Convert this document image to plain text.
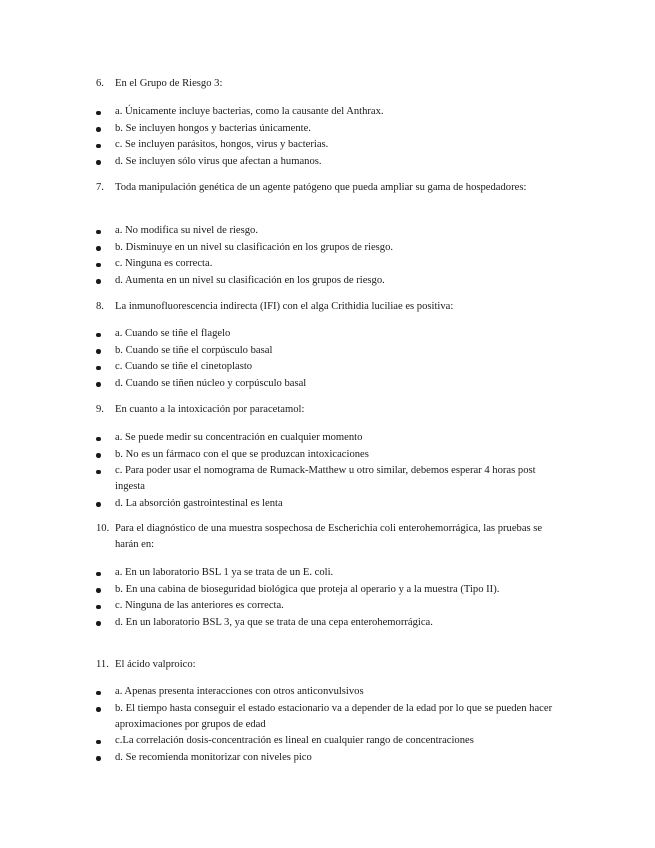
6. En el Grupo de Riesgo 3:
a. Únicamente incluye bacterias, como la causante del Anthrax.
b. Se incluyen hongos y bacterias únicamente.
c. Se incluyen parásitos, hongos, virus y bacterias.
d. Se incluyen sólo virus que afectan a humanos.
7. Toda manipulación genética de un agente patógeno que pueda ampliar su gama de hospedadores:
a. No modifica su nivel de riesgo.
b. Disminuye en un nivel su clasificación en los grupos de riesgo.
c. Ninguna es correcta.
d. Aumenta en un nivel su clasificación en los grupos de riesgo.
8. La inmunofluorescencia indirecta (IFI) con el alga Crithidia luciliae es positiva:
a. Cuando se tiñe el flagelo
b. Cuando se tiñe el corpúsculo basal
c. Cuando se tiñe el cinetoplasto
d. Cuando se tiñen núcleo y corpúsculo basal
9. En cuanto a la intoxicación por paracetamol:
a. Se puede medir su concentración en cualquier momento
b. No es un fármaco con el que se produzcan intoxicaciones
c. Para poder usar el nomograma de Rumack-Matthew u otro similar, debemos esperar 4 horas post ingesta
d. La absorción gastrointestinal es lenta
10. Para el diagnóstico de una muestra sospechosa de Escherichia coli enterohemorrágica, las pruebas se harán en:
a. En un laboratorio BSL 1 ya se trata de un E. coli.
b. En una cabina de bioseguridad biológica que proteja al operario y a la muestra (Tipo II).
c. Ninguna de las anteriores es correcta.
d. En un laboratorio BSL 3, ya que se trata de una cepa enterohemorrágica.
11. El ácido valproico:
a. Apenas presenta interacciones con otros anticonvulsivos
b. El tiempo hasta conseguir el estado estacionario va a depender de la edad por lo que se pueden hacer aproximaciones por grupos de edad
c.La correlación dosis-concentración es lineal en cualquier rango de concentraciones
d. Se recomienda monitorizar con niveles pico
